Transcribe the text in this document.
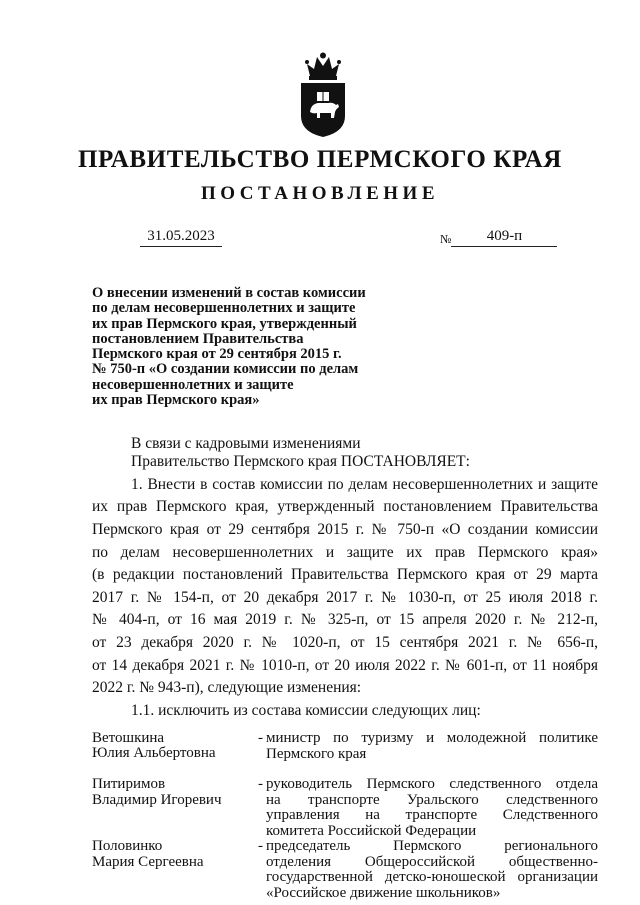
ПРАВИТЕЛЬСТВО ПЕРМСКОГО КРАЯ
ПОСТАНОВЛЕНИЕ
31.05.2023	№ 409-п
О внесении изменений в состав комиссии
по делам несовершеннолетних и защите
их прав Пермского края, утвержденный
постановлением Правительства
Пермского края от 29 сентября 2015 г.
№ 750-п «О создании комиссии по делам
несовершеннолетних и защите
их прав Пермского края»
В связи с кадровыми изменениями
Правительство Пермского края ПОСТАНОВЛЯЕТ:
1. Внести в состав комиссии по делам несовершеннолетних и защите
их прав Пермского края, утвержденный постановлением Правительства
Пермского края от 29 сентября 2015 г. № 750-п «О создании комиссии
по делам несовершеннолетних и защите их прав Пермского края»
(в редакции постановлений Правительства Пермского края от 29 марта
2017 г. № 154-п, от 20 декабря 2017 г. № 1030-п, от 25 июля 2018 г.
№ 404-п, от 16 мая 2019 г. № 325-п, от 15 апреля 2020 г. № 212-п,
от 23 декабря 2020 г. № 1020-п, от 15 сентября 2021 г. № 656-п,
от 14 декабря 2021 г. № 1010-п, от 20 июля 2022 г. № 601-п, от 11 ноября
2022 г. № 943-п), следующие изменения:
1.1. исключить из состава комиссии следующих лиц:
Ветошкина
Юлия Альбертовна
- министр по туризму и молодежной политике
Пермского края
Питиримов
Владимир Игоревич
- руководитель Пермского следственного отдела
на транспорте Уральского следственного
управления на транспорте Следственного
комитета Российской Федерации
Половинко
Мария Сергеевна
- председатель Пермского регионального
отделения Общероссийской общественно-
государственной детско-юношеской организации
«Российское движение школьников»
